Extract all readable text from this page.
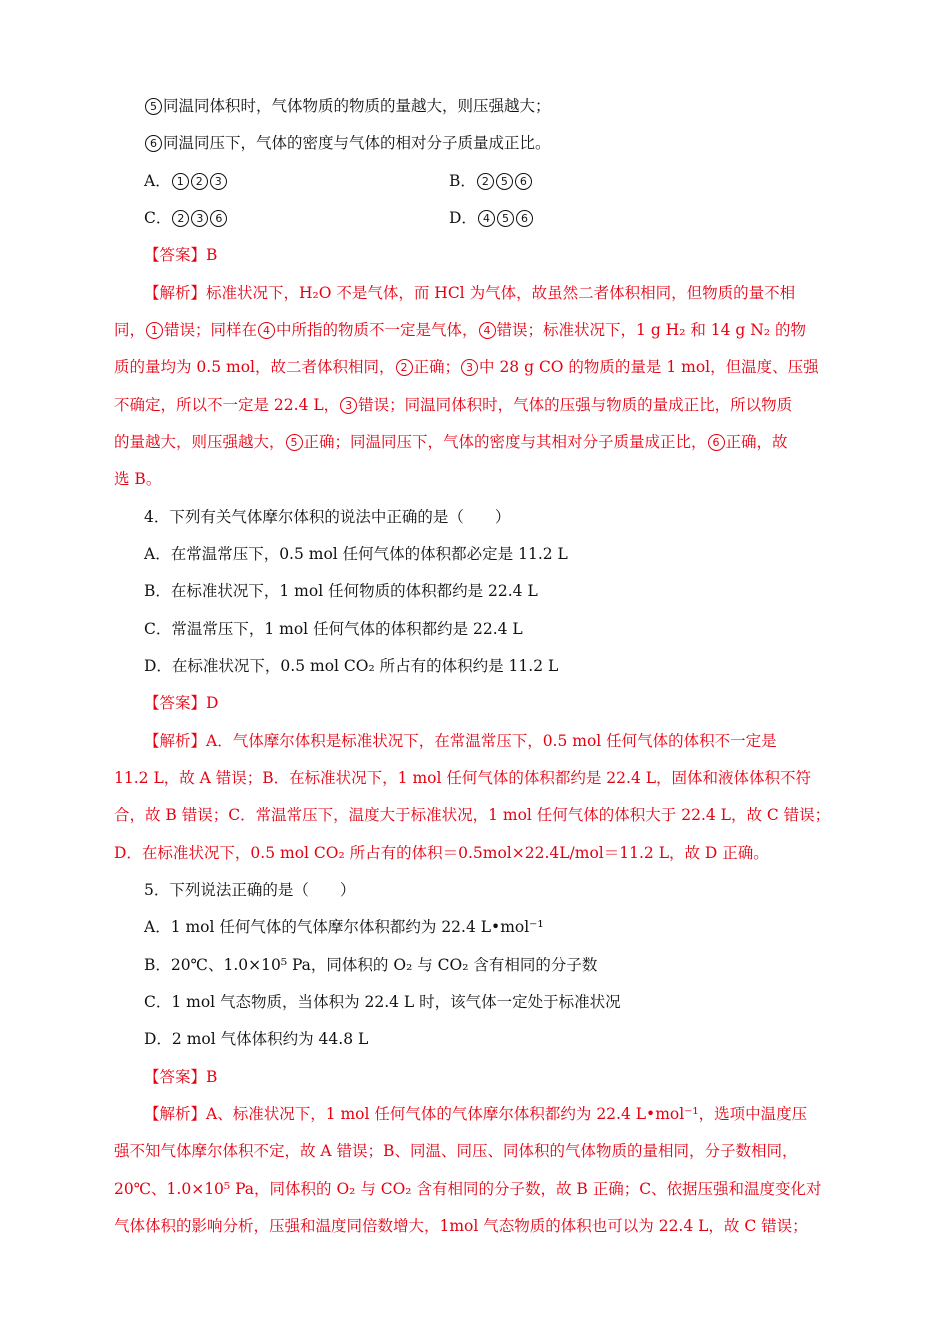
5 同温同体积时，气体物质的物质的量越大，则压强越大；
6 同温同压下，气体的密度与气体的相对分子质量成正比。
A． 1 2 3	B． 2 5 6
C． 2 3 6	D． 4 5 6
【答案】B
【解析】标准状况下，H₂O 不是气体，而 HCl 为气体，故虽然二者体积相同，但物质的量不相
同， 1 错误；同样在 4 中所指的物质不一定是气体， 4 错误；标准状况下，1 g H₂ 和 14 g N₂ 的物
质的量均为 0.5 mol，故二者体积相同， 2 正确； 3 中 28 g CO 的物质的量是 1 mol，但温度、压强
不确定，所以不一定是 22.4 L， 3 错误；同温同体积时，气体的压强与物质的量成正比，所以物质
的量越大，则压强越大， 5 正确；同温同压下，气体的密度与其相对分子质量成正比， 6 正确，故
选 B。
4．下列有关气体摩尔体积的说法中正确的是（　　）
A．在常温常压下，0.5 mol 任何气体的体积都必定是 11.2 L
B．在标准状况下，1 mol 任何物质的体积都约是 22.4 L
C．常温常压下，1 mol 任何气体的体积都约是 22.4 L
D．在标准状况下，0.5 mol CO₂ 所占有的体积约是 11.2 L
【答案】D
【解析】A．气体摩尔体积是标准状况下，在常温常压下，0.5 mol 任何气体的体积不一定是
11.2 L，故 A 错误；B．在标准状况下，1 mol 任何气体的体积都约是 22.4 L，固体和液体体积不符
合，故 B 错误；C．常温常压下，温度大于标准状况，1 mol 任何气体的体积大于 22.4 L，故 C 错误；
D．在标准状况下，0.5 mol CO₂ 所占有的体积＝0.5mol×22.4L/mol＝11.2 L，故 D 正确。
5．下列说法正确的是（　　）
A．1 mol 任何气体的气体摩尔体积都约为 22.4 L•mol⁻¹
B．20℃、1.0×10⁵ Pa，同体积的 O₂ 与 CO₂ 含有相同的分子数
C．1 mol 气态物质，当体积为 22.4 L 时，该气体一定处于标准状况
D．2 mol 气体体积约为 44.8 L
【答案】B
【解析】A、标准状况下，1 mol 任何气体的气体摩尔体积都约为 22.4 L•mol⁻¹，选项中温度压
强不知气体摩尔体积不定，故 A 错误；B、同温、同压、同体积的气体物质的量相同，分子数相同，
20℃、1.0×10⁵ Pa，同体积的 O₂ 与 CO₂ 含有相同的分子数，故 B 正确；C、依据压强和温度变化对
气体体积的影响分析，压强和温度同倍数增大，1mol 气态物质的体积也可以为 22.4 L，故 C 错误；
